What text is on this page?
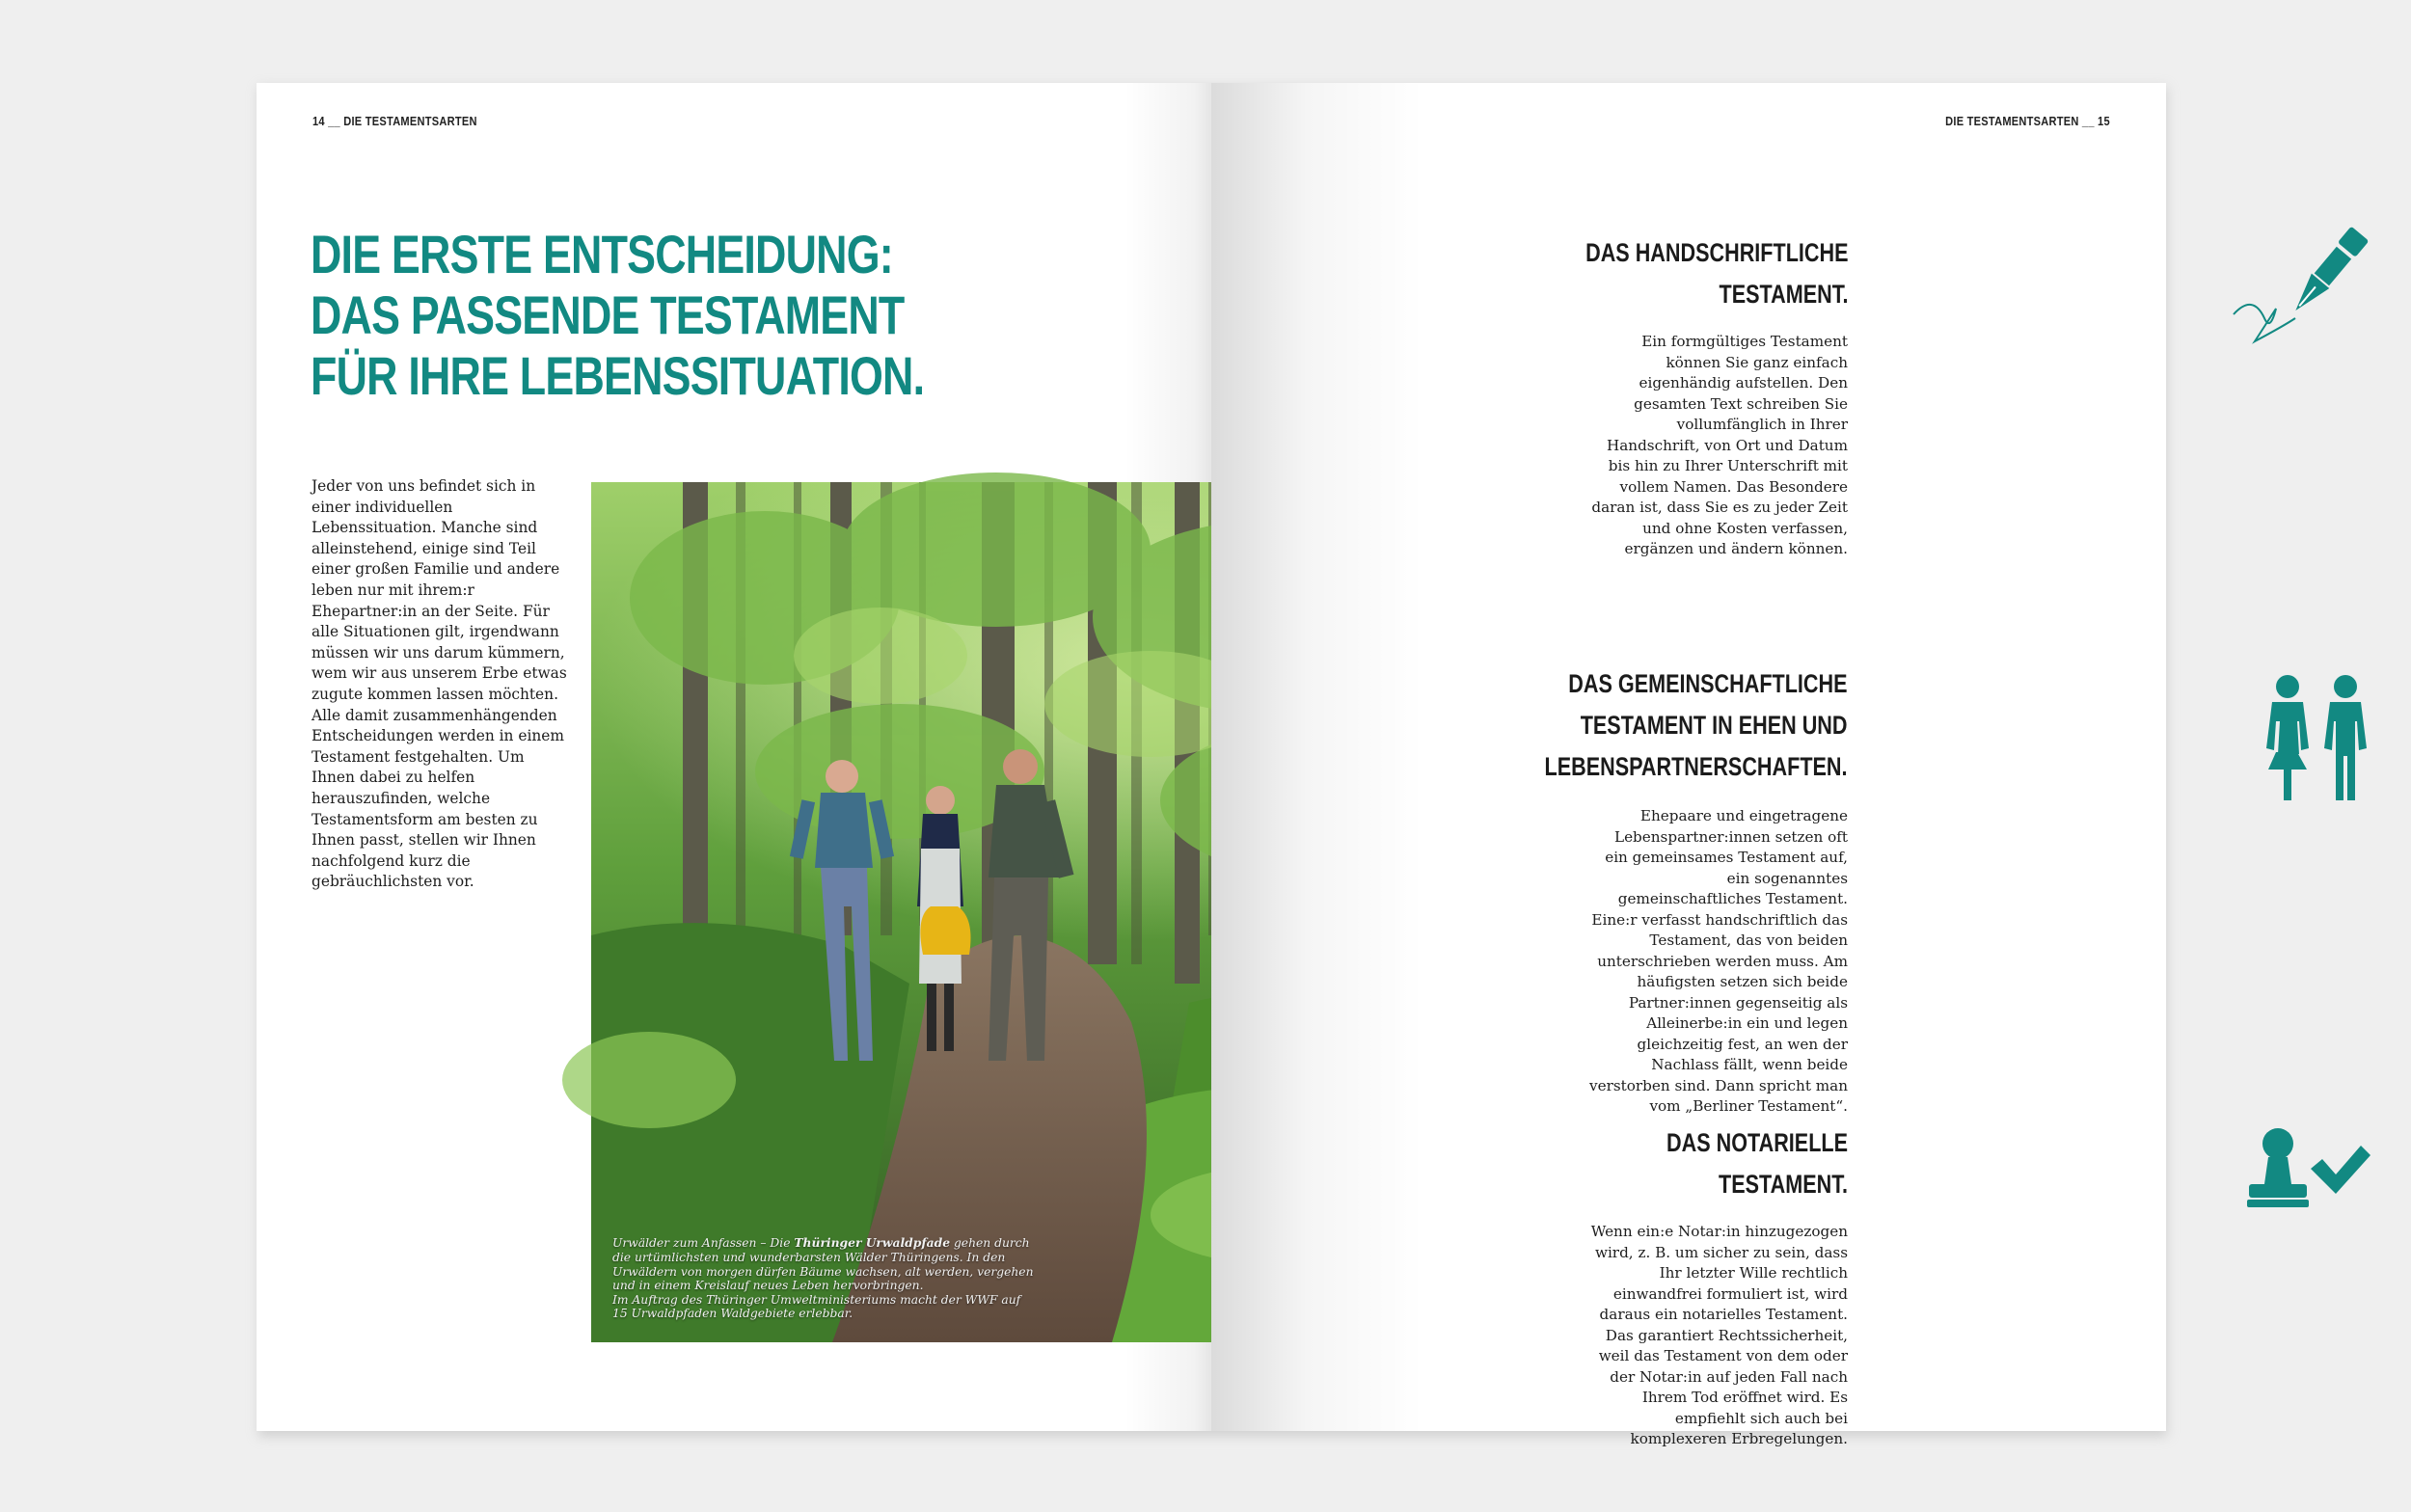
14 __ DIE TESTAMENTSARTEN
DIE ERSTE ENTSCHEIDUNG:
DAS PASSENDE TESTAMENT
FÜR IHRE LEBENSSITUATION.

Jeder von uns befindet sich in einer individuellen Lebenssituation. Manche sind alleinstehend, einige sind Teil einer großen Familie und andere leben nur mit ihrem:r Ehepartner:in an der Seite. Für alle Situationen gilt, irgendwann müssen wir uns darum kümmern, wem wir aus unserem Erbe etwas zugute kommen lassen möchten. Alle damit zusammenhängenden Entscheidungen werden in einem Testament festgehalten. Um Ihnen dabei zu helfen herauszufinden, welche Testamentsform am besten zu Ihnen passt, stellen wir Ihnen nachfolgend kurz die gebräuchlichsten vor.

Urwälder zum Anfassen – Die Thüringer Urwaldpfade gehen durch die urtümlichsten und wunderbarsten Wälder Thüringens. In den Urwäldern von morgen dürfen Bäume wachsen, alt werden, vergehen und in einem Kreislauf neues Leben hervorbringen.
Im Auftrag des Thüringer Umweltministeriums macht der WWF auf 15 Urwaldpfaden Waldgebiete erlebbar.
DIE TESTAMENTSARTEN __ 15
DAS HANDSCHRIFTLICHE
TESTAMENT.

Ein formgültiges Testament können Sie ganz einfach eigenhändig aufstellen. Den gesamten Text schreiben Sie vollumfänglich in Ihrer Handschrift, von Ort und Datum bis hin zu Ihrer Unterschrift mit vollem Namen. Das Besondere daran ist, dass Sie es zu jeder Zeit und ohne Kosten verfassen, ergänzen und ändern können.

DAS GEMEINSCHAFTLICHE
TESTAMENT IN EHEN UND
LEBENSPARTNERSCHAFTEN.

Ehepaare und eingetragene Lebenspartner:innen setzen oft ein gemeinsames Testament auf, ein sogenanntes gemeinschaftliches Testament. Eine:r verfasst handschriftlich das Testament, das von beiden unterschrieben werden muss. Am häufigsten setzen sich beide Partner:innen gegenseitig als Alleinerbe:in ein und legen gleichzeitig fest, an wen der Nachlass fällt, wenn beide verstorben sind. Dann spricht man vom „Berliner Testament“.

DAS NOTARIELLE
TESTAMENT.

Wenn ein:e Notar:in hinzugezogen wird, z. B. um sicher zu sein, dass Ihr letzter Wille rechtlich einwandfrei formuliert ist, wird daraus ein notarielles Testament. Das garantiert Rechtssicherheit, weil das Testament von dem oder der Notar:in auf jeden Fall nach Ihrem Tod eröffnet wird. Es empfiehlt sich auch bei komplexeren Erbregelungen.
